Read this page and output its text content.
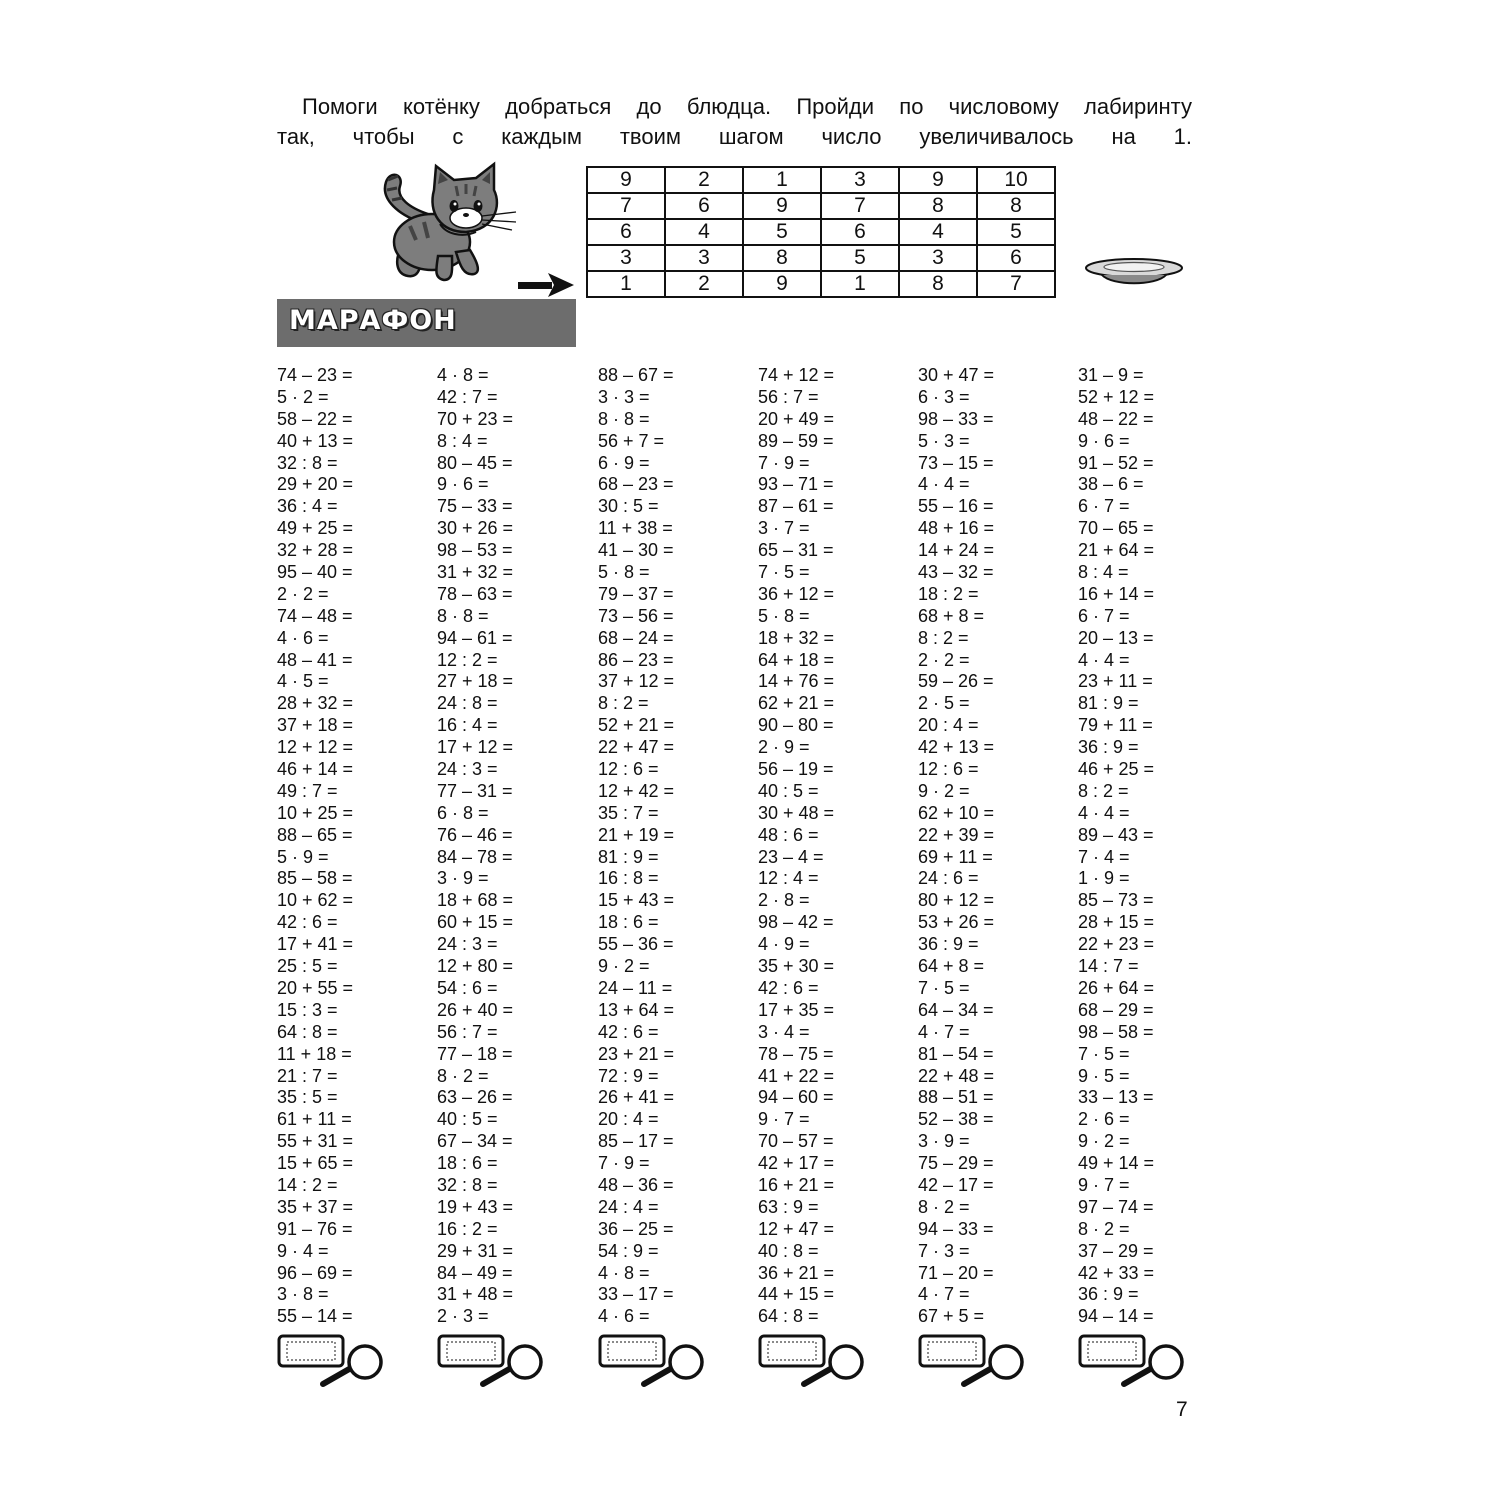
Помоги котёнку добраться до блюдца. Пройди по числовому лабиринту
так, чтобы с каждым твоим шагом число увеличивалось на 1.

9	2	1	3	9	10
7	6	9	7	8	8
6	4	5	6	4	5
3	3	8	5	3	6
1	2	9	1	8	7
МАРАФОН
74 – 23 =
5 · 2 =
58 – 22 =
40 + 13 =
32 : 8 =
29 + 20 =
36 : 4 =
49 + 25 =
32 + 28 =
95 – 40 =
2 · 2 =
74 – 48 =
4 · 6 =
48 – 41 =
4 · 5 =
28 + 32 =
37 + 18 =
12 + 12 =
46 + 14 =
49 : 7 =
10 + 25 =
88 – 65 =
5 · 9 =
85 – 58 =
10 + 62 =
42 : 6 =
17 + 41 =
25 : 5 =
20 + 55 =
15 : 3 =
64 : 8 =
11 + 18 =
21 : 7 =
35 : 5 =
61 + 11 =
55 + 31 =
15 + 65 =
14 : 2 =
35 + 37 =
91 – 76 =
9 · 4 =
96 – 69 =
3 · 8 =
55 – 14 =
4 · 8 =
42 : 7 =
70 + 23 =
8 : 4 =
80 – 45 =
9 · 6 =
75 – 33 =
30 + 26 =
98 – 53 =
31 + 32 =
78 – 63 =
8 · 8 =
94 – 61 =
12 : 2 =
27 + 18 =
24 : 8 =
16 : 4 =
17 + 12 =
24 : 3 =
77 – 31 =
6 · 8 =
76 – 46 =
84 – 78 =
3 · 9 =
18 + 68 =
60 + 15 =
24 : 3 =
12 + 80 =
54 : 6 =
26 + 40 =
56 : 7 =
77 – 18 =
8 · 2 =
63 – 26 =
40 : 5 =
67 – 34 =
18 : 6 =
32 : 8 =
19 + 43 =
16 : 2 =
29 + 31 =
84 – 49 =
31 + 48 =
2 · 3 =
88 – 67 =
3 · 3 =
8 · 8 =
56 + 7 =
6 · 9 =
68 – 23 =
30 : 5 =
11 + 38 =
41 – 30 =
5 · 8 =
79 – 37 =
73 – 56 =
68 – 24 =
86 – 23 =
37 + 12 =
8 : 2 =
52 + 21 =
22 + 47 =
12 : 6 =
12 + 42 =
35 : 7 =
21 + 19 =
81 : 9 =
16 : 8 =
15 + 43 =
18 : 6 =
55 – 36 =
9 · 2 =
24 – 11 =
13 + 64 =
42 : 6 =
23 + 21 =
72 : 9 =
26 + 41 =
20 : 4 =
85 – 17 =
7 · 9 =
48 – 36 =
24 : 4 =
36 – 25 =
54 : 9 =
4 · 8 =
33 – 17 =
4 · 6 =
74 + 12 =
56 : 7 =
20 + 49 =
89 – 59 =
7 · 9 =
93 – 71 =
87 – 61 =
3 · 7 =
65 – 31 =
7 · 5 =
36 + 12 =
5 · 8 =
18 + 32 =
64 + 18 =
14 + 76 =
62 + 21 =
90 – 80 =
2 · 9 =
56 – 19 =
40 : 5 =
30 + 48 =
48 : 6 =
23 – 4 =
12 : 4 =
2 · 8 =
98 – 42 =
4 · 9 =
35 + 30 =
42 : 6 =
17 + 35 =
3 · 4 =
78 – 75 =
41 + 22 =
94 – 60 =
9 · 7 =
70 – 57 =
42 + 17 =
16 + 21 =
63 : 9 =
12 + 47 =
40 : 8 =
36 + 21 =
44 + 15 =
64 : 8 =
30 + 47 =
6 · 3 =
98 – 33 =
5 · 3 =
73 – 15 =
4 · 4 =
55 – 16 =
48 + 16 =
14 + 24 =
43 – 32 =
18 : 2 =
68 + 8 =
8 : 2 =
2 · 2 =
59 – 26 =
2 · 5 =
20 : 4 =
42 + 13 =
12 : 6 =
9 · 2 =
62 + 10 =
22 + 39 =
69 + 11 =
24 : 6 =
80 + 12 =
53 + 26 =
36 : 9 =
64 + 8 =
7 · 5 =
64 – 34 =
4 · 7 =
81 – 54 =
22 + 48 =
88 – 51 =
52 – 38 =
3 · 9 =
75 – 29 =
42 – 17 =
8 · 2 =
94 – 33 =
7 · 3 =
71 – 20 =
4 · 7 =
67 + 5 =
31 – 9 =
52 + 12 =
48 – 22 =
9 · 6 =
91 – 52 =
38 – 6 =
6 · 7 =
70 – 65 =
21 + 64 =
8 : 4 =
16 + 14 =
6 · 7 =
20 – 13 =
4 · 4 =
23 + 11 =
81 : 9 =
79 + 11 =
36 : 9 =
46 + 25 =
8 : 2 =
4 · 4 =
89 – 43 =
7 · 4 =
1 · 9 =
85 – 73 =
28 + 15 =
22 + 23 =
14 : 7 =
26 + 64 =
68 – 29 =
98 – 58 =
7 · 5 =
9 · 5 =
33 – 13 =
2 · 6 =
9 · 2 =
49 + 14 =
9 · 7 =
97 – 74 =
8 · 2 =
37 – 29 =
42 + 33 =
36 : 9 =
94 – 14 =
7
